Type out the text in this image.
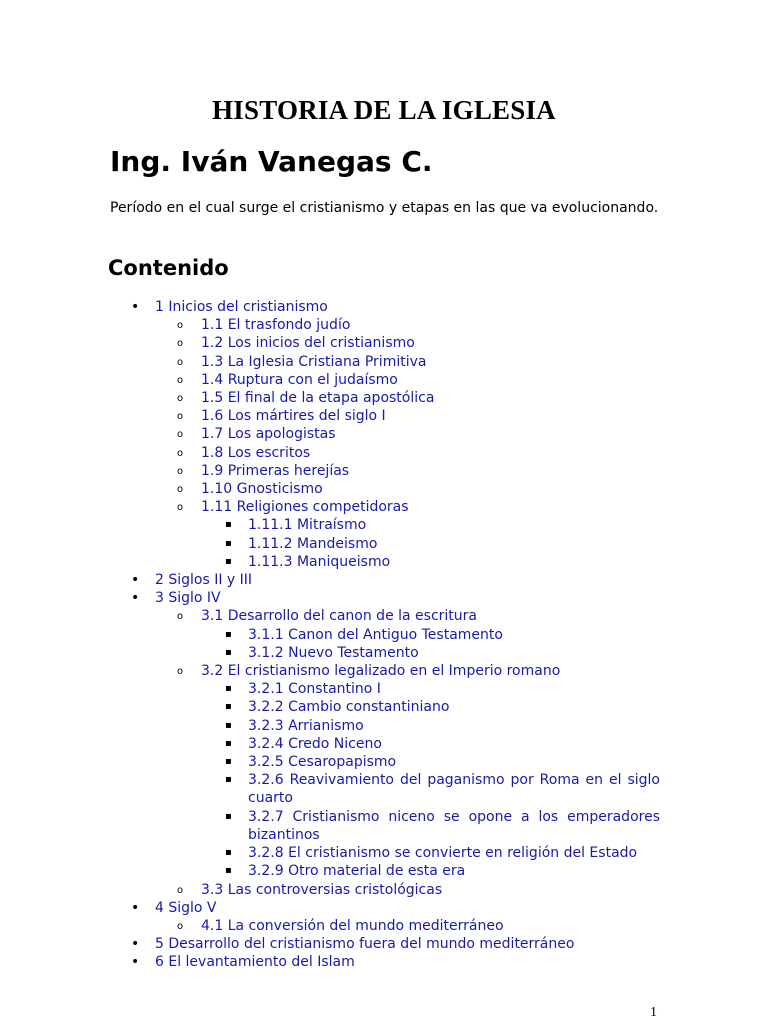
HISTORIA DE LA IGLESIA
Ing. Iván Vanegas C.
Período en el cual surge el cristianismo y etapas en las que va evolucionando.
Contenido
• 1 Inicios del cristianismo
o 1.1 El trasfondo judío
o 1.2 Los inicios del cristianismo
o 1.3 La Iglesia Cristiana Primitiva
o 1.4 Ruptura con el judaísmo
o 1.5 El final de la etapa apostólica
o 1.6 Los mártires del siglo I
o 1.7 Los apologistas
o 1.8 Los escritos
o 1.9 Primeras herejías
o 1.10 Gnosticismo
o 1.11 Religiones competidoras
▪ 1.11.1 Mitraísmo
▪ 1.11.2 Mandeismo
▪ 1.11.3 Maniqueismo
• 2 Siglos II y III
• 3 Siglo IV
o 3.1 Desarrollo del canon de la escritura
▪ 3.1.1 Canon del Antiguo Testamento
▪ 3.1.2 Nuevo Testamento
o 3.2 El cristianismo legalizado en el Imperio romano
▪ 3.2.1 Constantino I
▪ 3.2.2 Cambio constantiniano
▪ 3.2.3 Arrianismo
▪ 3.2.4 Credo Niceno
▪ 3.2.5 Cesaropapismo
▪ 3.2.6 Reavivamiento del paganismo por Roma en el siglo cuarto
▪ 3.2.7 Cristianismo niceno se opone a los emperadores bizantinos
▪ 3.2.8 El cristianismo se convierte en religión del Estado
▪ 3.2.9 Otro material de esta era
o 3.3 Las controversias cristológicas
• 4 Siglo V
o 4.1 La conversión del mundo mediterráneo
• 5 Desarrollo del cristianismo fuera del mundo mediterráneo
• 6 El levantamiento del Islam
1
